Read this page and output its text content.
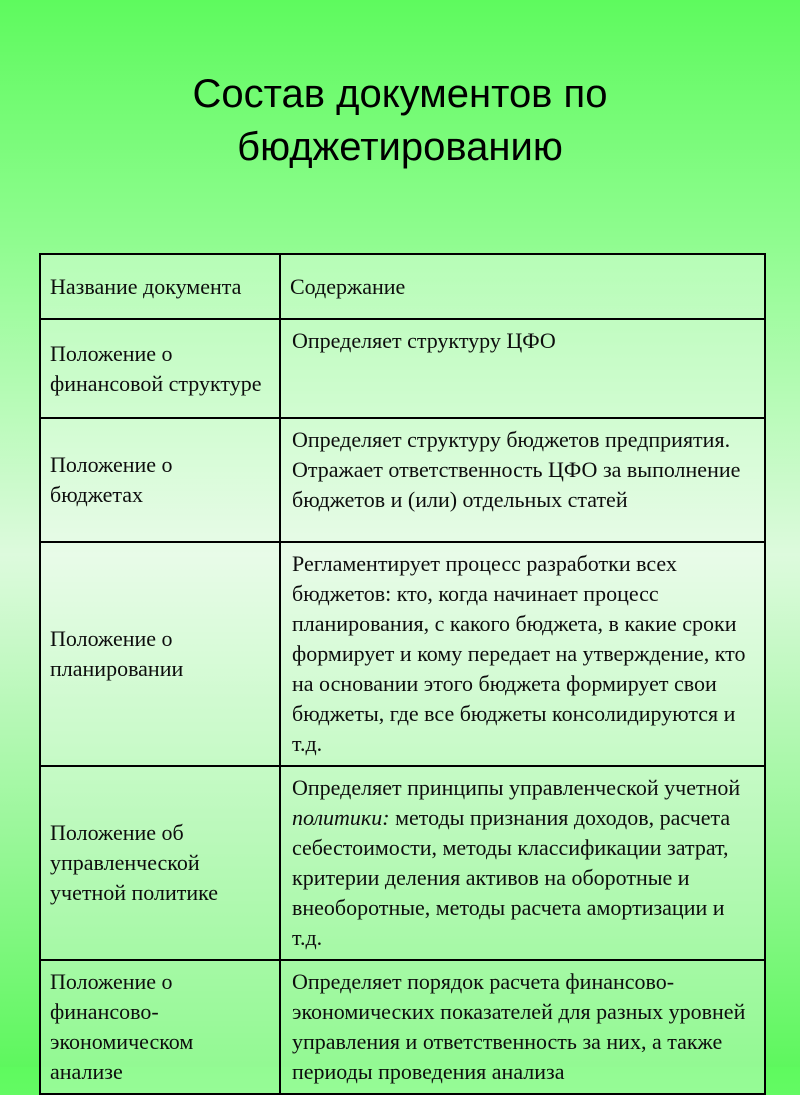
Состав документов по бюджетированию
Название документа	Содержание
Положение о финансовой структуре	Определяет структуру ЦФО
Положение о бюджетах	Определяет структуру бюджетов предприятия. Отражает ответственность ЦФО за выполнение бюджетов и (или) отдельных статей
Положение о планировании	Регламентирует процесс разработки всех бюджетов: кто, когда начинает процесс планирования, с какого бюджета, в какие сроки формирует и кому передает на утверждение, кто на основании этого бюджета формирует свои бюджеты, где все бюджеты консолидируются и т.д.
Положение об управленческой учетной политике	Определяет принципы управленческой учетной политики: методы признания доходов, расчета себестоимости, методы классификации затрат, критерии деления активов на оборотные и внеоборотные, методы расчета амортизации и т.д.
Положение о финансово-экономическом анализе	Определяет порядок расчета финансово-экономических показателей для разных уровней управления и ответственность за них, а также периоды проведения анализа
